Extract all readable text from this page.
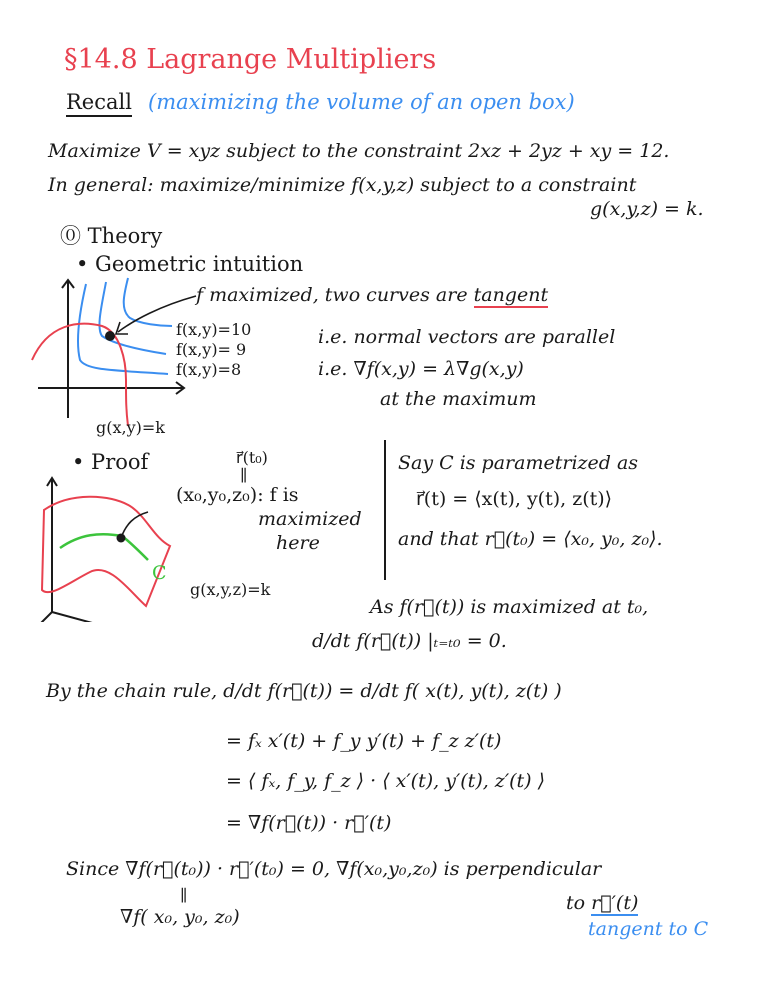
§14.8 Lagrange Multipliers
Recall (maximizing the volume of an open box)
Maximize V = xyz subject to the constraint 2xz + 2yz + xy = 12.
In general: maximize/minimize f(x,y,z) subject to a constraint
g(x,y,z) = k.
⓪ Theory
• Geometric intuition
f maximized, two curves are tangent
f(x,y)=10
f(x,y)= 9
f(x,y)=8
g(x,y)=k
i.e. normal vectors are parallel
i.e. ∇f(x,y) = λ∇g(x,y)
at the maximum
• Proof	r⃗(t₀)
∥
(x₀,y₀,z₀): f is
maximized
here
C
g(x,y,z)=k
Say C is parametrized as
r⃗(t) = ⟨x(t), y(t), z(t)⟩
and that r⃗(t₀) = ⟨x₀, y₀, z₀⟩.
As f(r⃗(t)) is maximized at t₀,
d/dt f(r⃗(t)) |ₜ₌ₜ₀ = 0.
By the chain rule, d/dt f(r⃗(t)) = d/dt f( x(t), y(t), z(t) )
= fₓ x′(t) + f_y y′(t) + f_z z′(t)
= ⟨ fₓ, f_y, f_z ⟩ · ⟨ x′(t), y′(t), z′(t) ⟩
= ∇f(r⃗(t)) · r⃗′(t)
Since ∇f(r⃗(t₀)) · r⃗′(t₀) = 0, ∇f(x₀,y₀,z₀) is perpendicular
∥
∇f( x₀, y₀, z₀)
to r⃗′(t)
tangent to C
